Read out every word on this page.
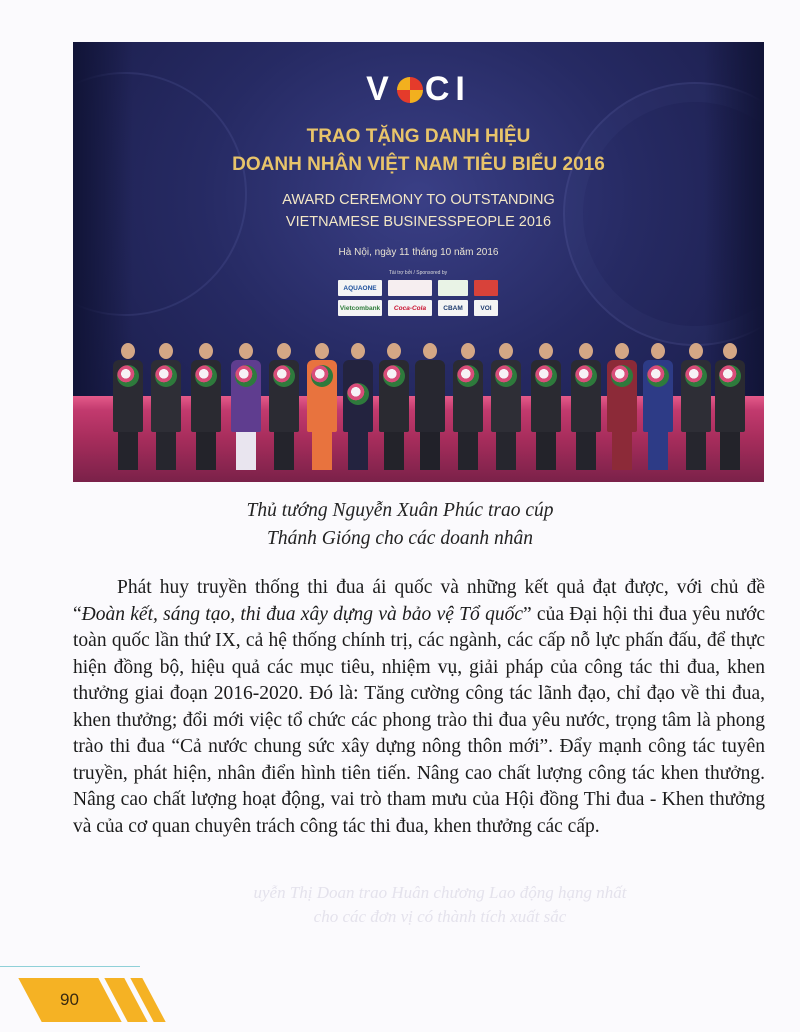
uyễn Thị Doan trao Huân chương Lao động hạng nhất
cho các đơn vị có thành tích xuất sắc
V CI
TRAO TẶNG DANH HIỆU
DOANH NHÂN VIỆT NAM TIÊU BIỂU 2016
AWARD CEREMONY TO OUTSTANDING
VIETNAMESE BUSINESSPEOPLE 2016
Hà Nội, ngày 11 tháng 10 năm 2016
Tài trợ bởi / Sponsored by
AQUAONE
Vietcombank	Coca-Cola	CBAM	VOI
Thủ tướng Nguyễn Xuân Phúc trao cúp
Thánh Gióng cho các doanh nhân

Phát huy truyền thống thi đua ái quốc và những kết quả đạt được, với chủ đề “Đoàn kết, sáng tạo, thi đua xây dựng và bảo vệ Tổ quốc” của Đại hội thi đua yêu nước toàn quốc lần thứ IX, cả hệ thống chính trị, các ngành, các cấp nỗ lực phấn đấu, để thực hiện đồng bộ, hiệu quả các mục tiêu, nhiệm vụ, giải pháp của công tác thi đua, khen thưởng giai đoạn 2016-2020. Đó là: Tăng cường công tác lãnh đạo, chỉ đạo về thi đua, khen thưởng; đổi mới việc tổ chức các phong trào thi đua yêu nước, trọng tâm là phong trào thi đua “Cả nước chung sức xây dựng nông thôn mới”. Đẩy mạnh công tác tuyên truyền, phát hiện, nhân điển hình tiên tiến. Nâng cao chất lượng công tác khen thưởng. Nâng cao chất lượng hoạt động, vai trò tham mưu của Hội đồng Thi đua - Khen thưởng và của cơ quan chuyên trách công tác thi đua, khen thưởng các cấp.

90
